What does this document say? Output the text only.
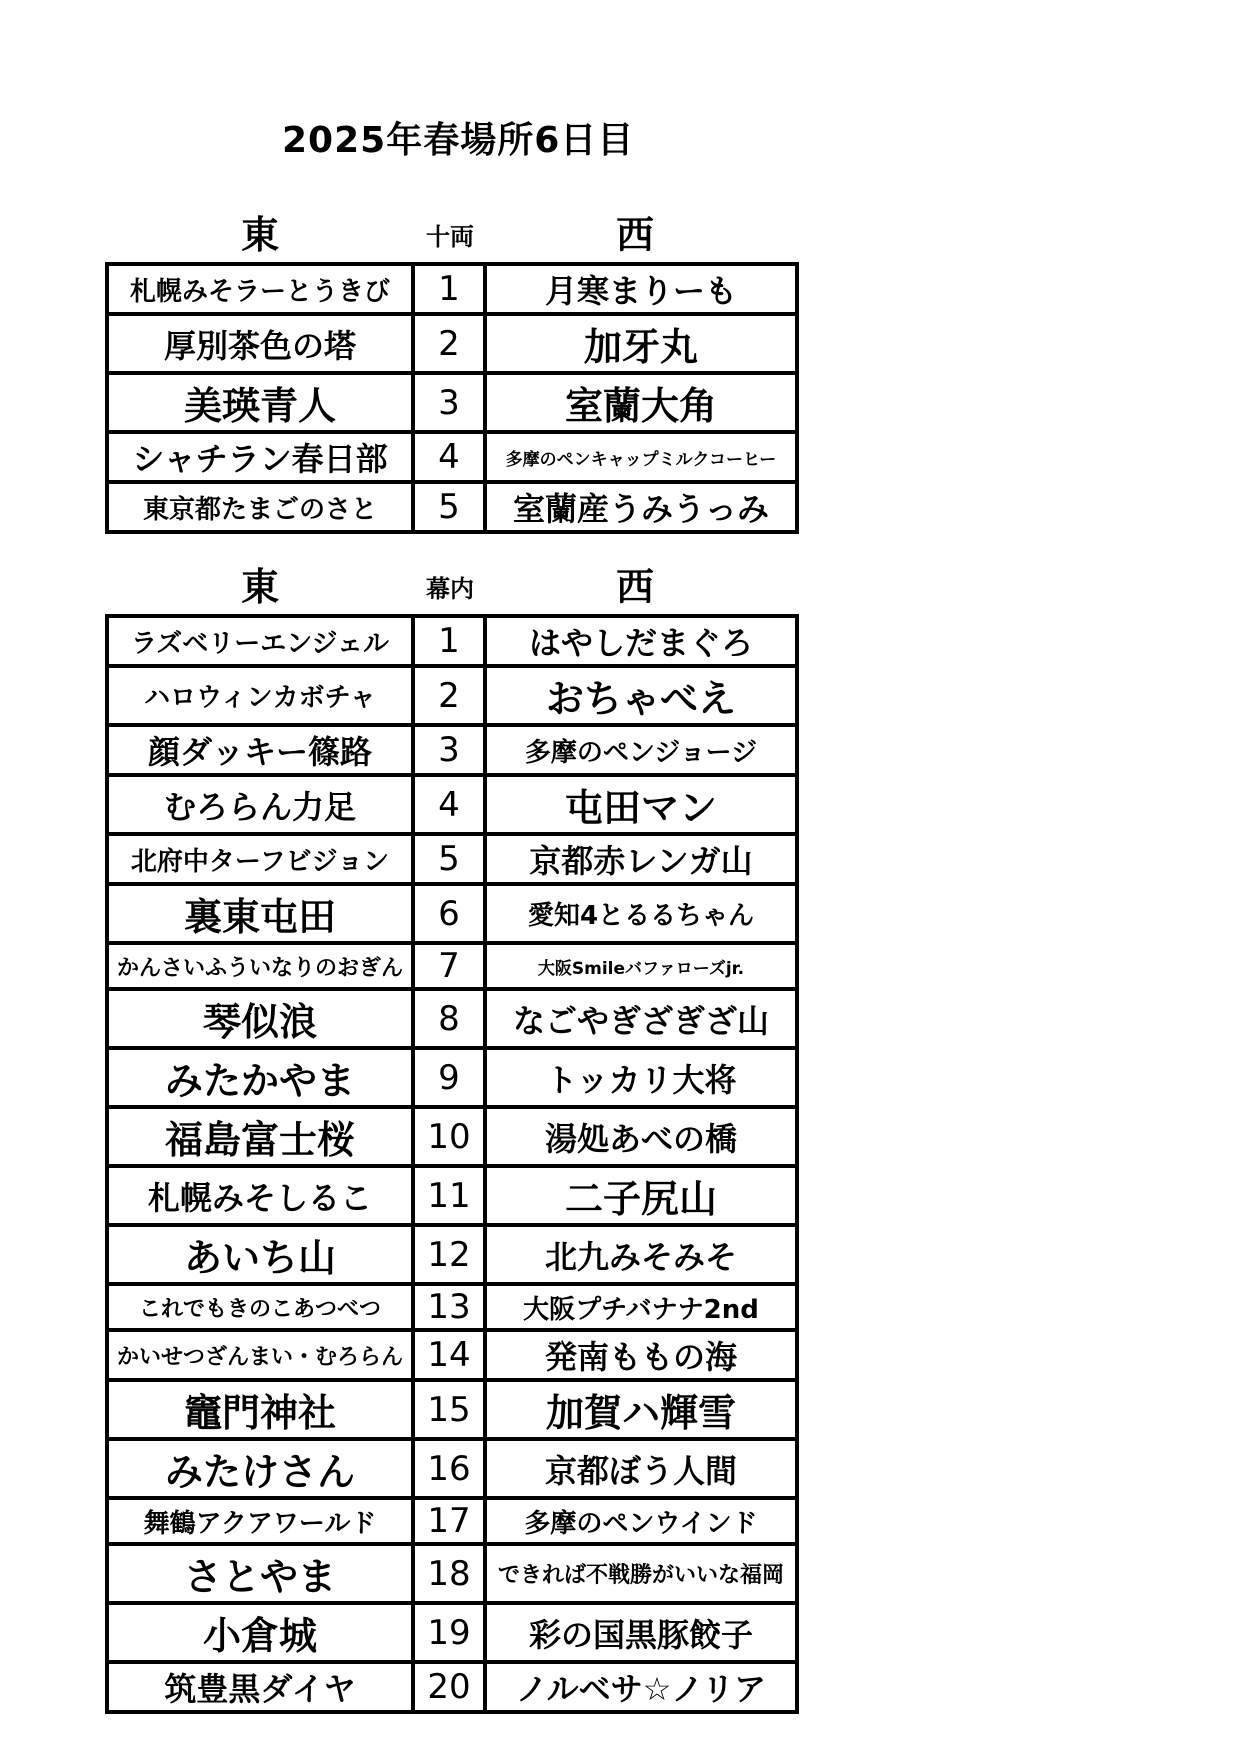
2025年春場所6日目
東	十両	西
札幌みそラーとうきび	1	月寒まりーも
厚別茶色の塔	2	加牙丸
美瑛青人	3	室蘭大角
シャチラン春日部	4	多摩のペンキャップミルクコーヒー
東京都たまごのさと	5	室蘭産うみうっみ
東	幕内	西
ラズベリーエンジェル	1	はやしだまぐろ
ハロウィンカボチャ	2	おちゃべえ
顔ダッキー篠路	3	多摩のペンジョージ
むろらん力足	4	屯田マン
北府中ターフビジョン	5	京都赤レンガ山
裏東屯田	6	愛知4とるるちゃん
かんさいふういなりのおぎん	7	大阪Smileバファローズjr.
琴似浪	8	なごやぎざぎざ山
みたかやま	9	トッカリ大将
福島富士桜	10	湯処あべの橋
札幌みそしるこ	11	二子尻山
あいち山	12	北九みそみそ
これでもきのこあつべつ	13	大阪プチバナナ2nd
かいせつざんまい・むろらん	14	発南ももの海
竈門神社	15	加賀ハ輝雪
みたけさん	16	京都ぼう人間
舞鶴アクアワールド	17	多摩のペンウインド
さとやま	18	できれば不戦勝がいいな福岡
小倉城	19	彩の国黒豚餃子
筑豊黒ダイヤ	20	ノルベサ☆ノリア
